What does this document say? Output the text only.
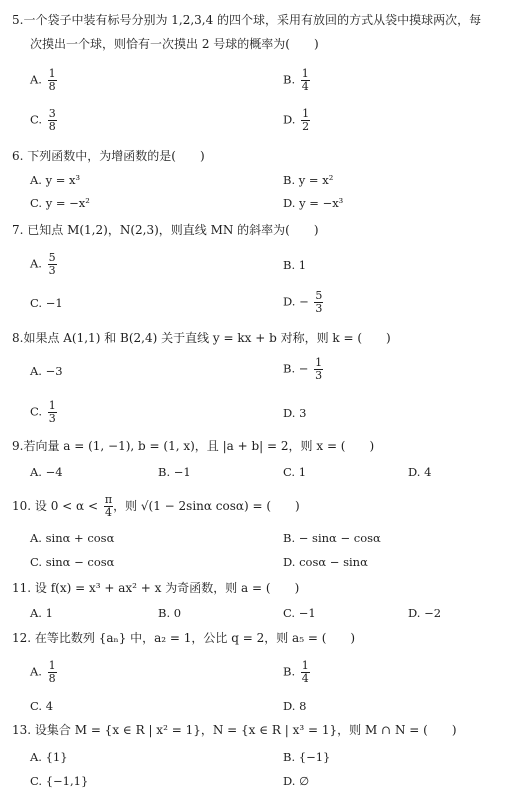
5.一个袋子中装有标号分别为 1,2,3,4 的四个球，采用有放回的方式从袋中摸球两次，每
次摸出一个球，则恰有一次摸出 2 号球的概率为(　　)
A. $\frac{1}{8}$	B. $\frac{1}{4}$
C. $\frac{3}{8}$	D. $\frac{1}{2}$
6. 下列函数中，为增函数的是(　　)
A. y = x³	B. y = x²
C. y = −x²	D. y = −x³
7. 已知点 M(1,2)，N(2,3)，则直线 MN 的斜率为(　　)
A. $\frac{5}{3}$	B. 1
C. −1	D. − $\frac{5}{3}$
8.如果点 A(1,1) 和 B(2,4) 关于直线 y = kx + b 对称，则 k = (　　)
A. −3	B. − $\frac{1}{3}$
C. $\frac{1}{3}$	D. 3
9.若向量 a = (1, −1), b = (1, x)，且 |a + b| = 2，则 x = (　　)
A. −4	B. −1	C. 1	D. 4
10. 设 $0 < \alpha < \frac{\pi}{4}$ ，则 √(1 − 2sinα cosα) = (　　)
A. sinα + cosα	B. − sinα − cosα
C. sinα − cosα	D. cosα − sinα
11. 设 f(x) = x³ + ax² + x 为奇函数，则 a = (　　)
A. 1	B. 0	C. −1	D. −2
12. 在等比数列 {aₙ} 中，a₂ = 1，公比 q = 2，则 a₅ = (　　)
A. $\frac{1}{8}$	B. $\frac{1}{4}$
C. 4	D. 8
13. 设集合 M = {x ∈ R | x² = 1}，N = {x ∈ R | x³ = 1}，则 M ∩ N = (　　)
A. {1}	B. {−1}
C. {−1,1}	D. ∅
